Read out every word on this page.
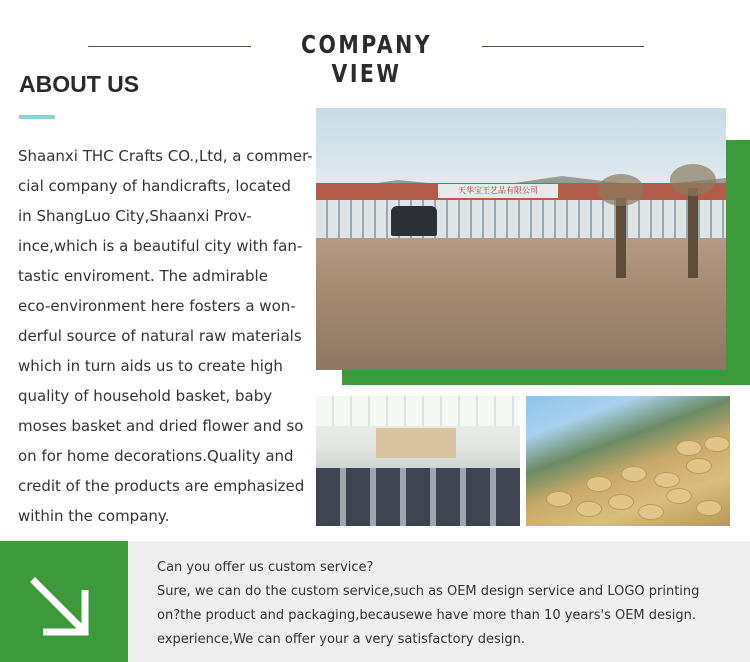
COMPANY VIEW
ABOUT US
Shaanxi THC Crafts CO.,Ltd, a commer-
cial company of handicrafts, located
in ShangLuo City,Shaanxi Prov-
ince,which is a beautiful city with fan-
tastic enviroment. The admirable
eco-environment here fosters a won-
derful source of natural raw materials
which in turn aids us to create high
quality of household basket, baby
moses basket and dried flower and so
on for home decorations.Quality and
credit of the products are emphasized
within the company.
天华宝王艺品有限公司
Can you offer us custom service?
Sure, we can do the custom service,such as OEM design service and LOGO printing
on?the product and packaging,becausewe have more than 10 years's OEM design.
experience,We can offer your a very satisfactory design.
